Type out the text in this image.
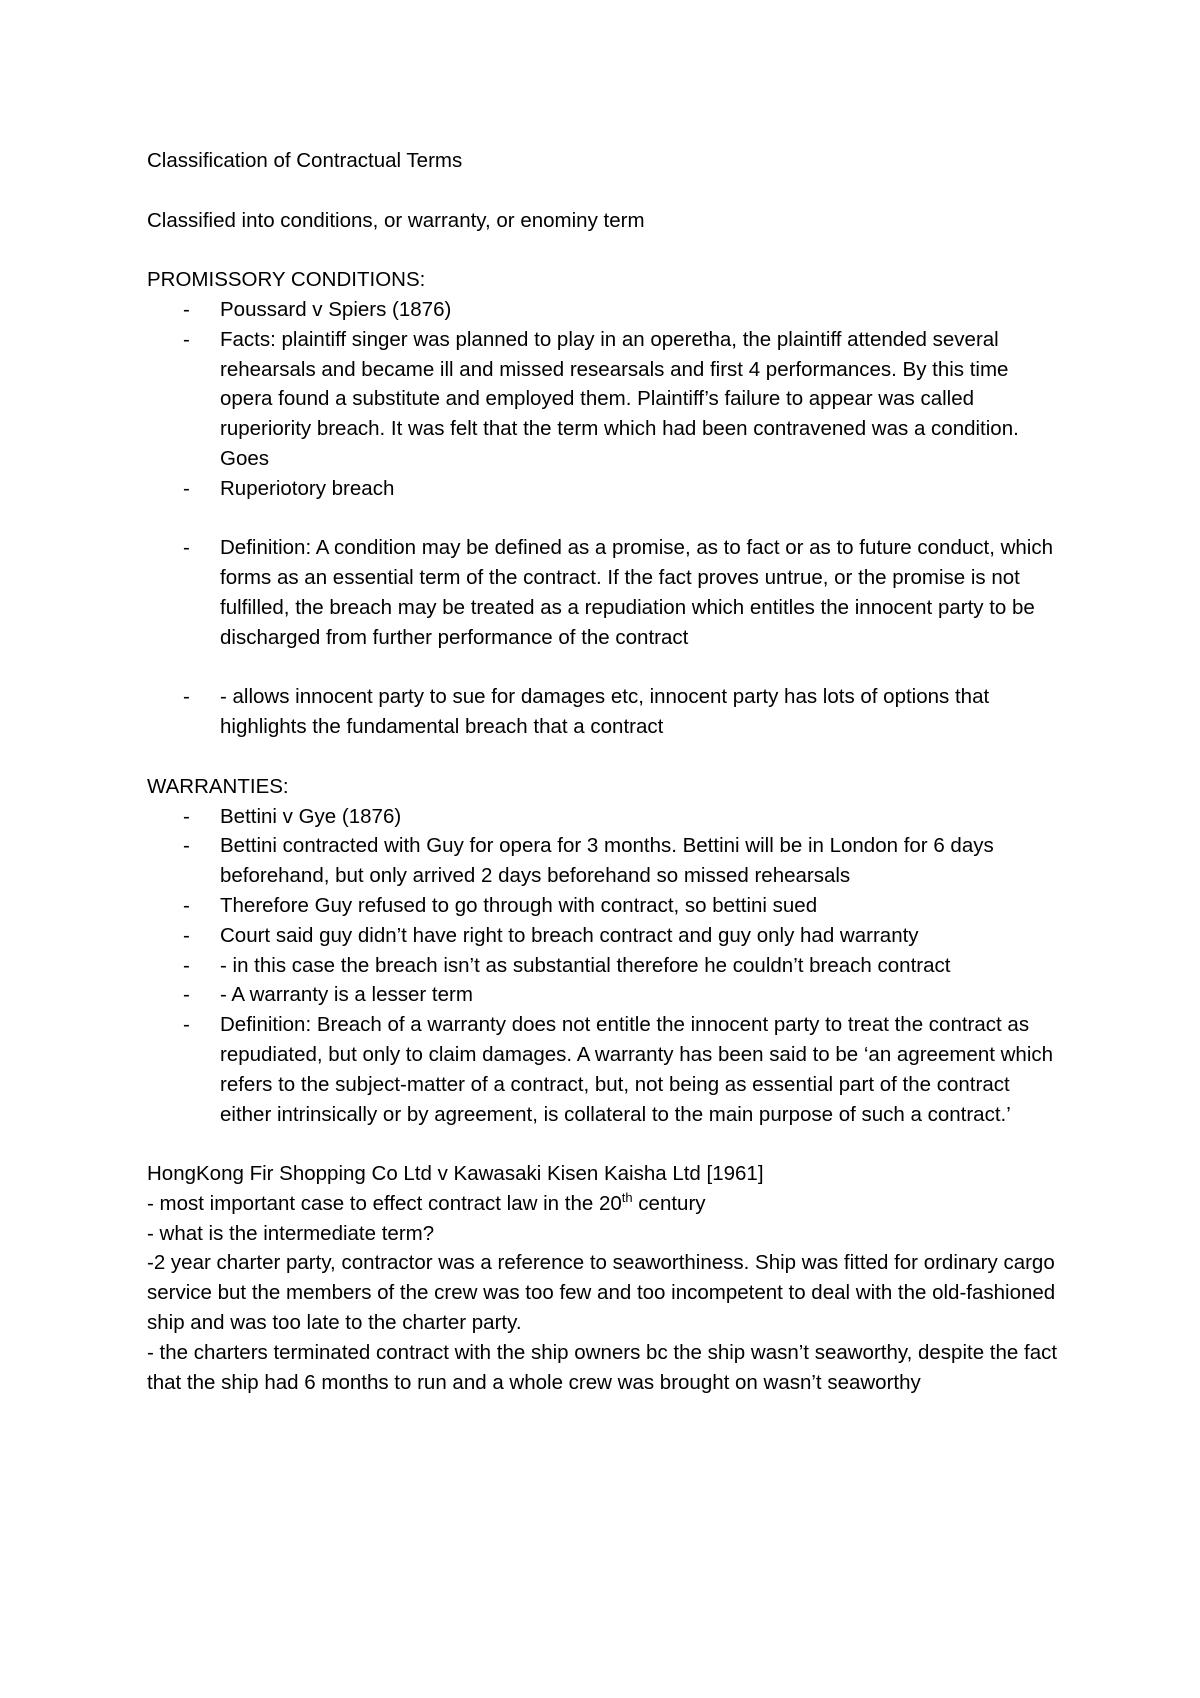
Classification of Contractual Terms

Classified into conditions, or warranty, or enominy term

PROMISSORY CONDITIONS:

- Poussard v Spiers (1876)
- Facts: plaintiff singer was planned to play in an operetha, the plaintiff attended several rehearsals and became ill and missed researsals and first 4 performances. By this time opera found a substitute and employed them. Plaintiff’s failure to appear was called ruperiority breach. It was felt that the term which had been contravened was a condition. Goes
- Ruperiotory breach
- Definition: A condition may be defined as a promise, as to fact or as to future conduct, which forms as an essential term of the contract. If the fact proves untrue, or the promise is not fulfilled, the breach may be treated as a repudiation which entitles the innocent party to be discharged from further performance of the contract
- - allows innocent party to sue for damages etc, innocent party has lots of options that highlights the fundamental breach that a contract

WARRANTIES:

- Bettini v Gye (1876)
- Bettini contracted with Guy for opera for 3 months. Bettini will be in London for 6 days beforehand, but only arrived 2 days beforehand so missed rehearsals
- Therefore Guy refused to go through with contract, so bettini sued
- Court said guy didn’t have right to breach contract and guy only had warranty
- - in this case the breach isn’t as substantial therefore he couldn’t breach contract
- - A warranty is a lesser term
- Definition: Breach of a warranty does not entitle the innocent party to treat the contract as repudiated, but only to claim damages. A warranty has been said to be ‘an agreement which refers to the subject-matter of a contract, but, not being as essential part of the contract either intrinsically or by agreement, is collateral to the main purpose of such a contract.’

HongKong Fir Shopping Co Ltd v Kawasaki Kisen Kaisha Ltd [1961]

- most important case to effect contract law in the 20th century

- what is the intermediate term?

-2 year charter party, contractor was a reference to seaworthiness. Ship was fitted for ordinary cargo service but the members of the crew was too few and too incompetent to deal with the old-fashioned ship and was too late to the charter party.

- the charters terminated contract with the ship owners bc the ship wasn’t seaworthy, despite the fact that the ship had 6 months to run and a whole crew was brought on wasn’t seaworthy
